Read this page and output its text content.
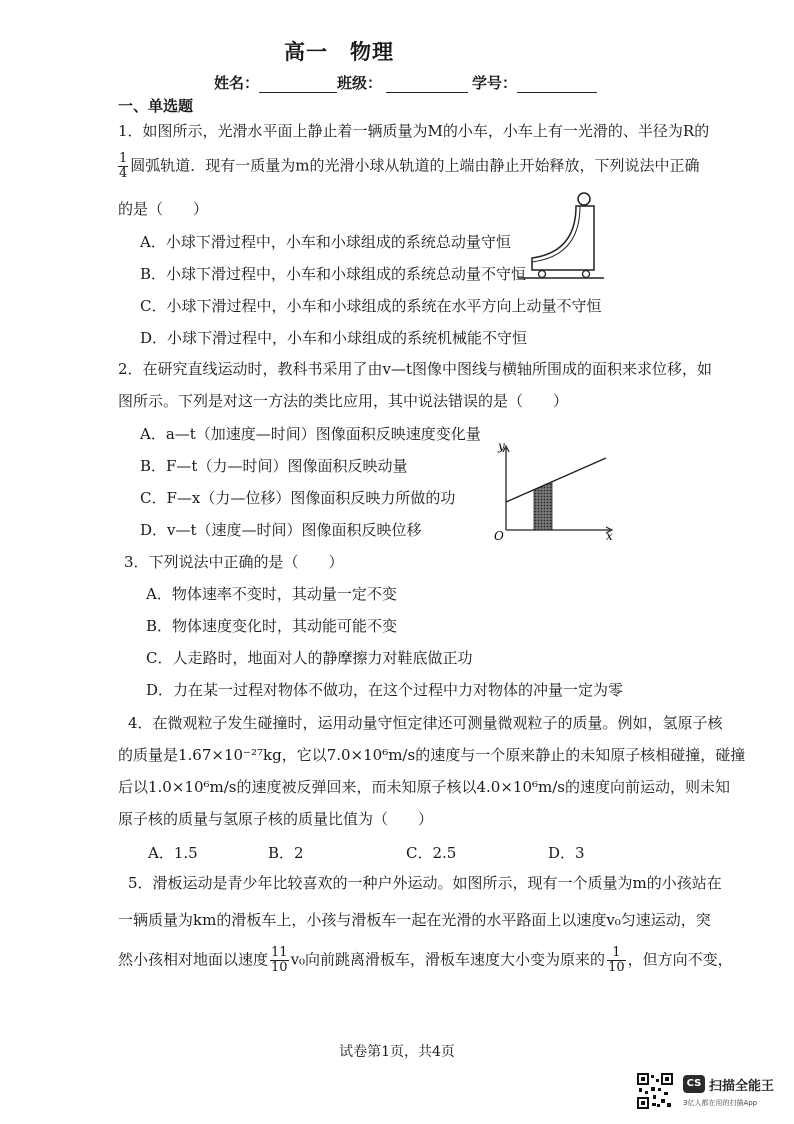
高一　物理
姓名：	班级：	学号：
一、单选题
1．如图所示，光滑水平面上静止着一辆质量为M的小车，小车上有一光滑的、半径为R的
$\frac{1}{4}$ 圆弧轨道．现有一质量为m的光滑小球从轨道的上端由静止开始释放，下列说法中正确
的是（　　）
A．小球下滑过程中，小车和小球组成的系统总动量守恒
B．小球下滑过程中，小车和小球组成的系统总动量不守恒
C．小球下滑过程中，小车和小球组成的系统在水平方向上动量不守恒
D．小球下滑过程中，小车和小球组成的系统机械能不守恒
2．在研究直线运动时，教科书采用了由v—t图像中图线与横轴所围成的面积来求位移，如
图所示。下列是对这一方法的类比应用，其中说法错误的是（　　）
A．a—t（加速度—时间）图像面积反映速度变化量
B．F—t（力—时间）图像面积反映动量
C．F—x（力—位移）图像面积反映力所做的功
D．v—t（速度—时间）图像面积反映位移
y
x
O
3．下列说法中正确的是（　　）
A．物体速率不变时，其动量一定不变
B．物体速度变化时，其动能可能不变
C．人走路时，地面对人的静摩擦力对鞋底做正功
D．力在某一过程对物体不做功，在这个过程中力对物体的冲量一定为零
4．在微观粒子发生碰撞时，运用动量守恒定律还可测量微观粒子的质量。例如，氢原子核
的质量是1.67×10⁻²⁷kg，它以7.0×10⁶m/s的速度与一个原来静止的未知原子核相碰撞，碰撞
后以1.0×10⁶m/s的速度被反弹回来，而未知原子核以4.0×10⁶m/s的速度向前运动，则未知
原子核的质量与氢原子核的质量比值为（　　）
A．1.5	B．2	C．2.5	D．3
5．滑板运动是青少年比较喜欢的一种户外运动。如图所示，现有一个质量为m的小孩站在
一辆质量为km的滑板车上，小孩与滑板车一起在光滑的水平路面上以速度v₀匀速运动，突
然小孩相对地面以速度 $\frac{11}{10} v_0$向前跳离滑板车，滑板车速度大小变为原来的 $\frac{1}{10}$ ，但方向不变，
试卷第1页，共4页
CS 扫描全能王
3亿人都在用的扫描App
